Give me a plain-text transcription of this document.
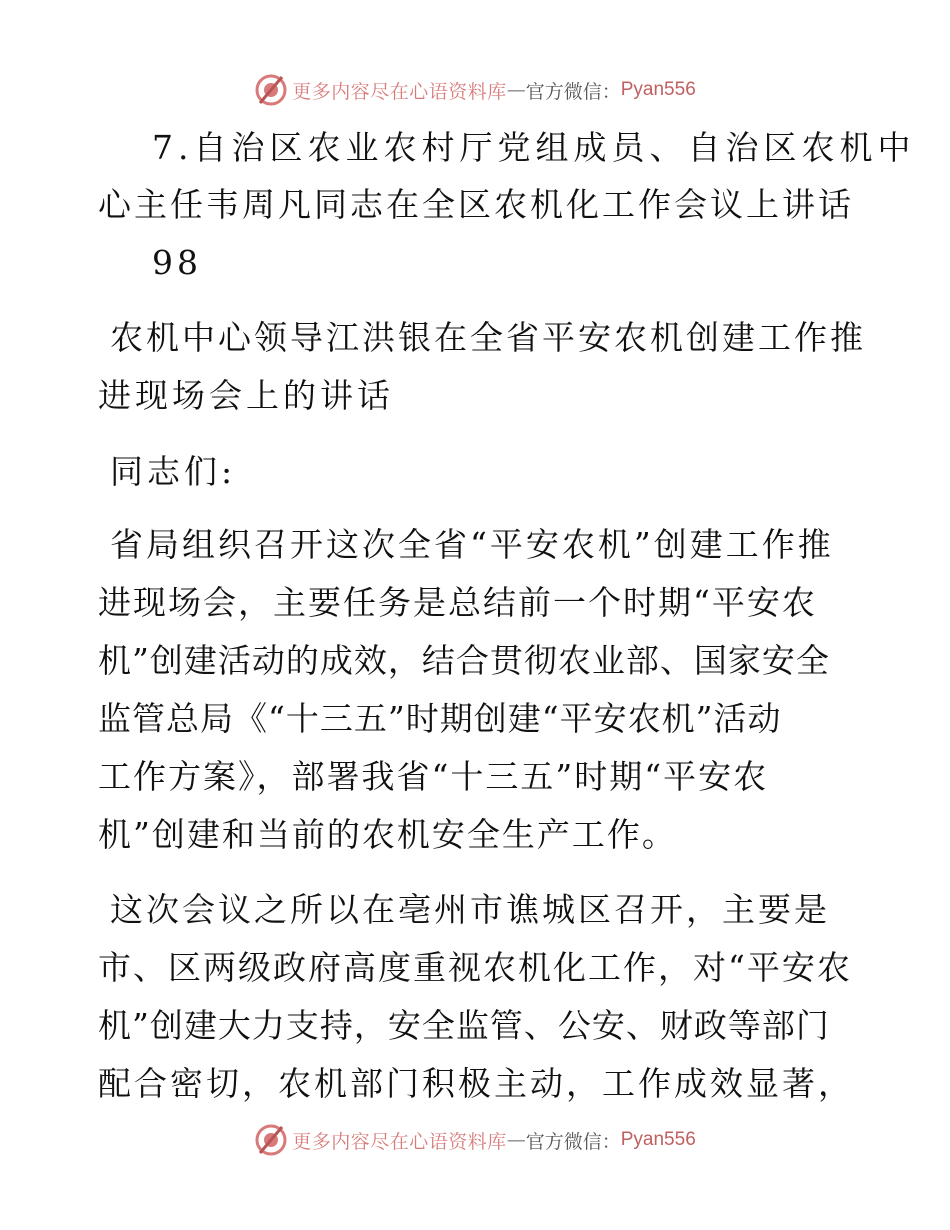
更多内容尽在心语资料库 — 官方微信： Pyan556
7.自治区农业农村厅党组成员、自治区农机中
心主任韦周凡同志在全区农机化工作会议上讲话
98
农机中心领导江洪银在全省平安农机创建工作推
进现场会上的讲话
同志们:
省局组织召开这次全省“平安农机”创建工作推
进现场会，主要任务是总结前一个时期“平安农
机”创建活动的成效，结合贯彻农业部、国家安全
监管总局《“十三五”时期创建“平安农机”活动
工作方案》，部署我省“十三五”时期“平安农
机”创建和当前的农机安全生产工作。
这次会议之所以在亳州市谯城区召开，主要是
市、区两级政府高度重视农机化工作，对“平安农
机”创建大力支持，安全监管、公安、财政等部门
配合密切，农机部门积极主动，工作成效显著，
更多内容尽在心语资料库 — 官方微信： Pyan556
